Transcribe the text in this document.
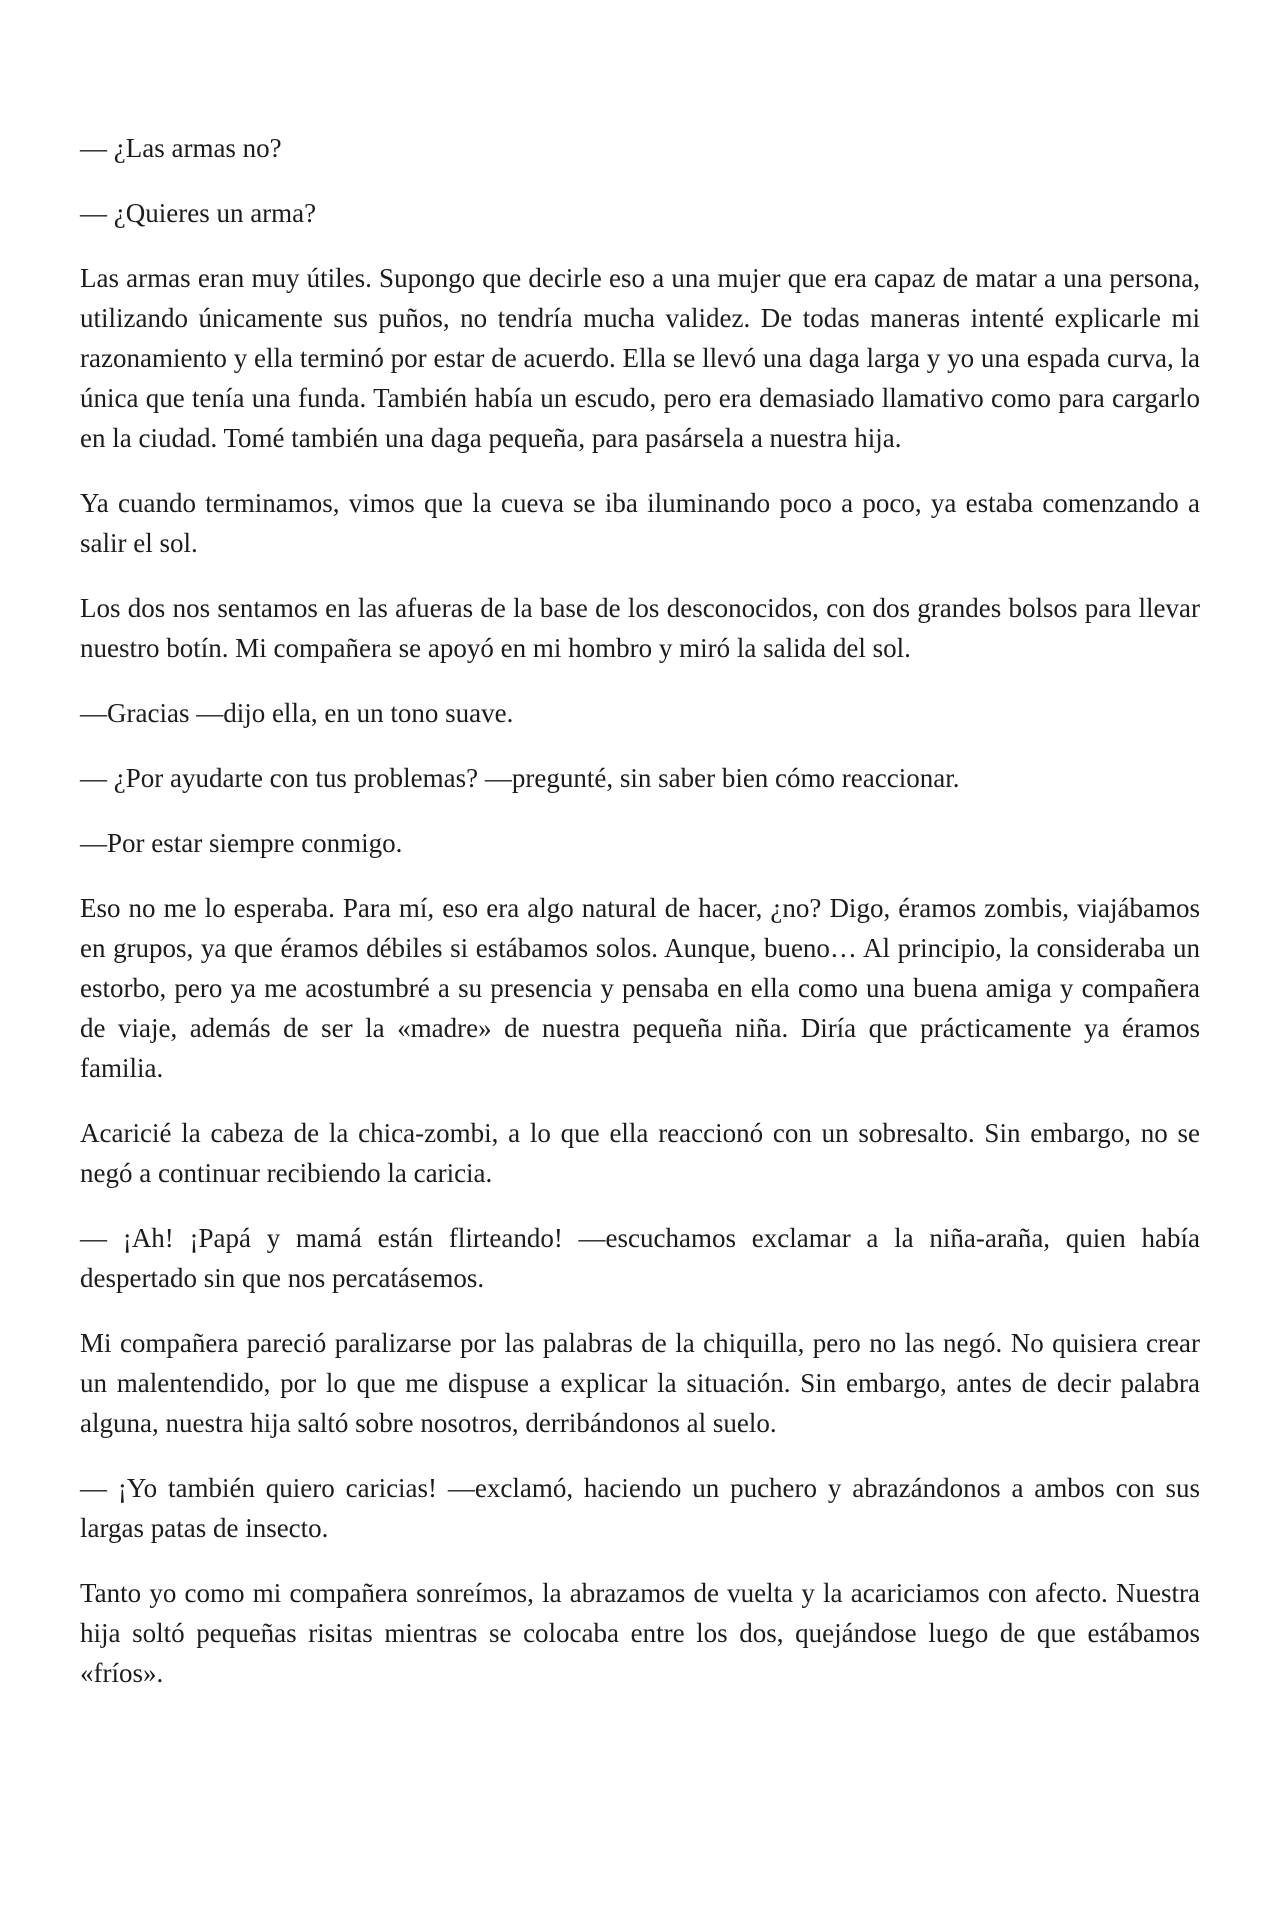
— ¿Las armas no?

— ¿Quieres un arma?

Las armas eran muy útiles. Supongo que decirle eso a una mujer que era capaz de matar a una persona, utilizando únicamente sus puños, no tendría mucha validez. De todas maneras intenté explicarle mi razonamiento y ella terminó por estar de acuerdo. Ella se llevó una daga larga y yo una espada curva, la única que tenía una funda. También había un escudo, pero era demasiado llamativo como para cargarlo en la ciudad. Tomé también una daga pequeña, para pasársela a nuestra hija.

Ya cuando terminamos, vimos que la cueva se iba iluminando poco a poco, ya estaba comenzando a salir el sol.

Los dos nos sentamos en las afueras de la base de los desconocidos, con dos grandes bolsos para llevar nuestro botín. Mi compañera se apoyó en mi hombro y miró la salida del sol.

—Gracias —dijo ella, en un tono suave.

— ¿Por ayudarte con tus problemas? —pregunté, sin saber bien cómo reaccionar.

—Por estar siempre conmigo.

Eso no me lo esperaba. Para mí, eso era algo natural de hacer, ¿no? Digo, éramos zombis, viajábamos en grupos, ya que éramos débiles si estábamos solos. Aunque, bueno… Al principio, la consideraba un estorbo, pero ya me acostumbré a su presencia y pensaba en ella como una buena amiga y compañera de viaje, además de ser la «madre» de nuestra pequeña niña. Diría que prácticamente ya éramos familia.

Acaricié la cabeza de la chica-zombi, a lo que ella reaccionó con un sobresalto. Sin embargo, no se negó a continuar recibiendo la caricia.

— ¡Ah! ¡Papá y mamá están flirteando! —escuchamos exclamar a la niña-araña, quien había despertado sin que nos percatásemos.

Mi compañera pareció paralizarse por las palabras de la chiquilla, pero no las negó. No quisiera crear un malentendido, por lo que me dispuse a explicar la situación. Sin embargo, antes de decir palabra alguna, nuestra hija saltó sobre nosotros, derribándonos al suelo.

— ¡Yo también quiero caricias! —exclamó, haciendo un puchero y abrazándonos a ambos con sus largas patas de insecto.

Tanto yo como mi compañera sonreímos, la abrazamos de vuelta y la acariciamos con afecto. Nuestra hija soltó pequeñas risitas mientras se colocaba entre los dos, quejándose luego de que estábamos «fríos».
